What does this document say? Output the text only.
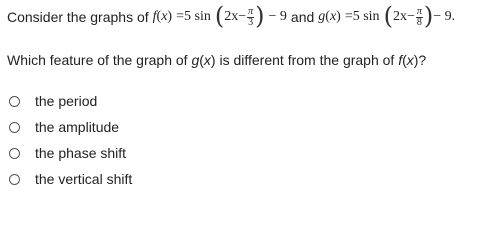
Consider the graphs of f ( x ) =5 sin ( $2x- \frac{\pi}{3}$ ) − 9 and g ( x ) =5 sin ( $2x- \frac{\pi}{8}$ ) − 9.
Which feature of the graph of g(x) is different from the graph of f(x)?
the period
the amplitude
the phase shift
the vertical shift
